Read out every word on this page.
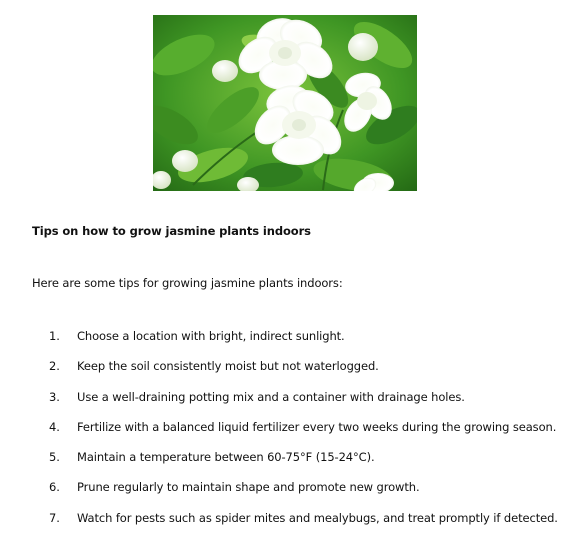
Tips on how to grow jasmine plants indoors
Here are some tips for growing jasmine plants indoors:
1. Choose a location with bright, indirect sunlight.
2. Keep the soil consistently moist but not waterlogged.
3. Use a well-draining potting mix and a container with drainage holes.
4. Fertilize with a balanced liquid fertilizer every two weeks during the growing season.
5. Maintain a temperature between 60-75°F (15-24°C).
6. Prune regularly to maintain shape and promote new growth.
7. Watch for pests such as spider mites and mealybugs, and treat promptly if detected.
